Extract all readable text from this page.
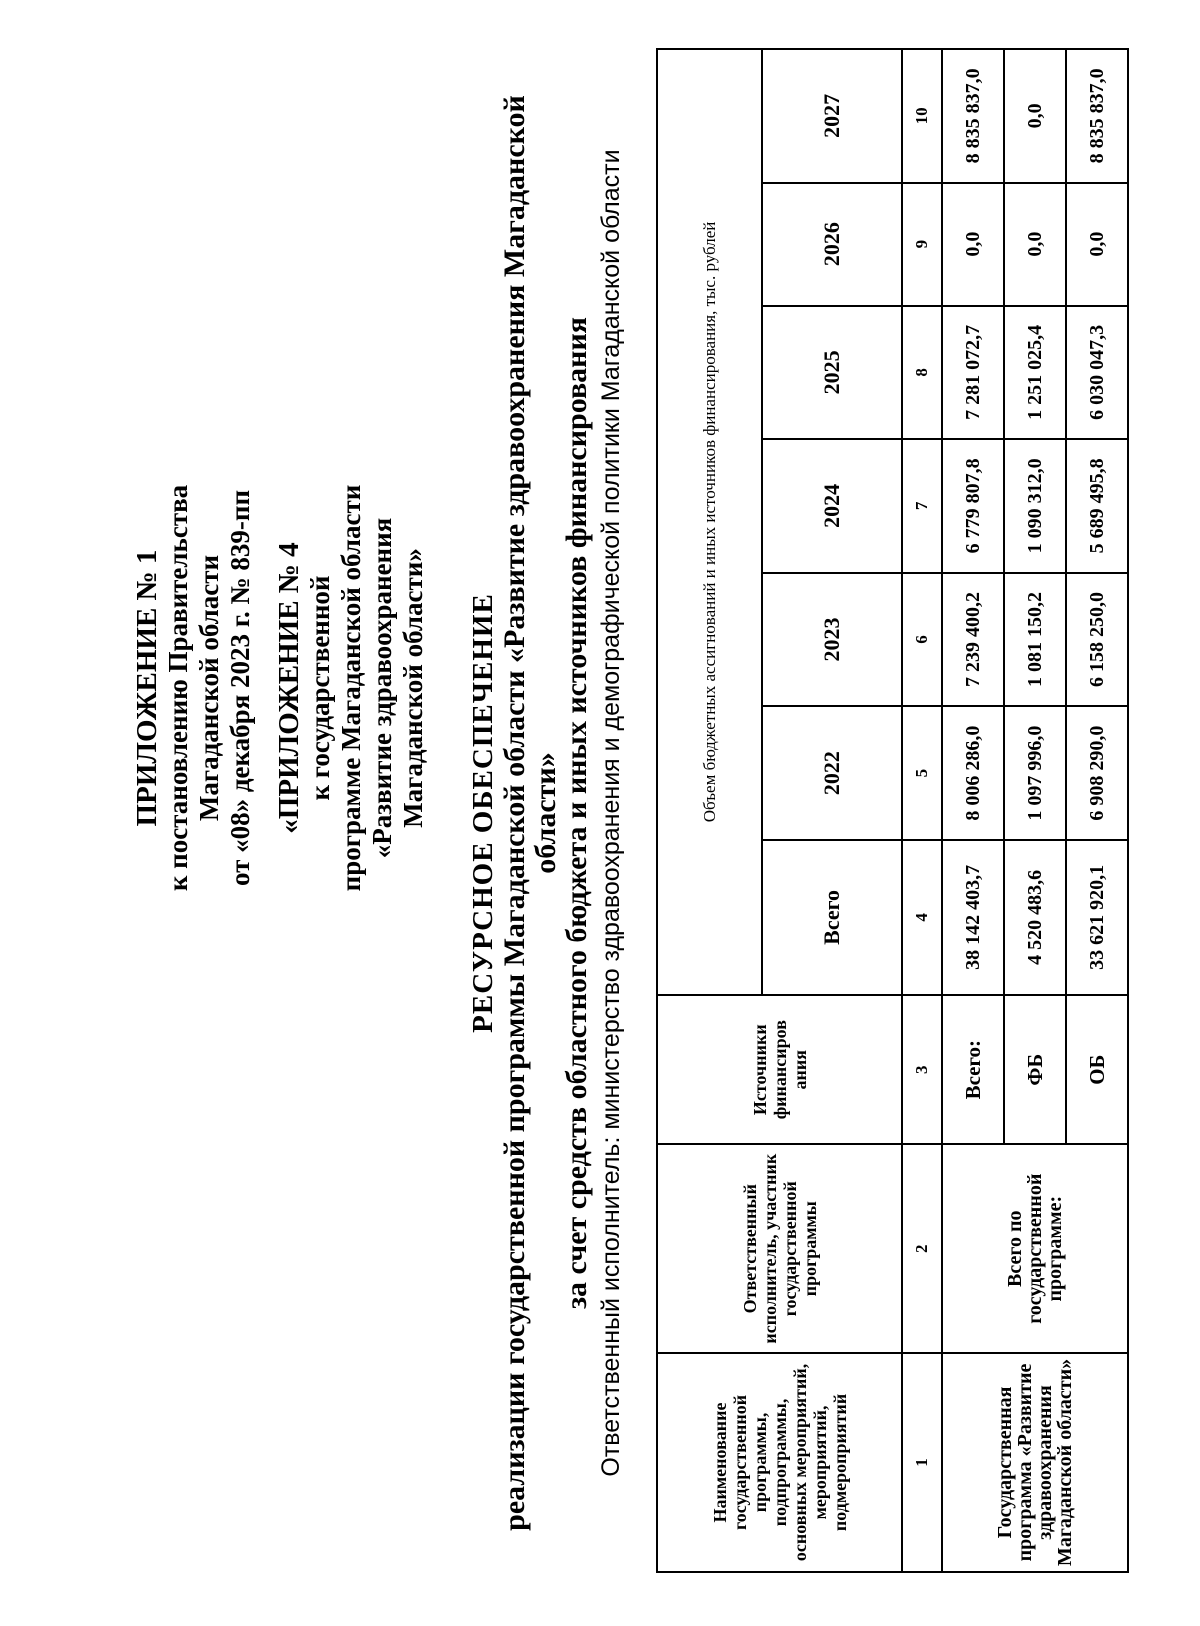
ПРИЛОЖЕНИЕ № 1 к постановлению Правительства Магаданской области от «08» декабря 2023 г. № 839-пп «ПРИЛОЖЕНИЕ № 4 к государственной программе Магаданской области «Развитие здравоохранения Магаданской области» РЕСУРСНОЕ ОБЕСПЕЧЕНИЕ реализации государственной программы Магаданской области «Развитие здравоохранения Магаданской области»
за счет средств областного бюджета и иных источников финансирования Ответственный исполнитель: министерство здравоохранения и демографической политики Магаданской области	Наименование государственной программы, подпрограммы, основных мероприятий, мероприятий, подмероприятий	Ответственный исполнитель, участник государственной программы	Источники финансиров ания	Объем бюджетных ассигнований и иных источников финансирования, тыс. рублей						
			Всего	2022	2023	2024	2025	2026	2027
1	2	3	4	5	6	7	8	9	10
Государственная программа «Развитие здравоохранения Магаданской области»	Всего по государственной программе:	Всего:	38 142 403,7	8 006 286,0	7 239 400,2	6 779 807,8	7 281 072,7	0,0	8 835 837,0
		ФБ	4 520 483,6	1 097 996,0	1 081 150,2	1 090 312,0	1 251 025,4	0,0	0,0
		ОБ	33 621 920,1	6 908 290,0	6 158 250,0	5 689 495,8	6 030 047,3	0,0	8 835 837,0
